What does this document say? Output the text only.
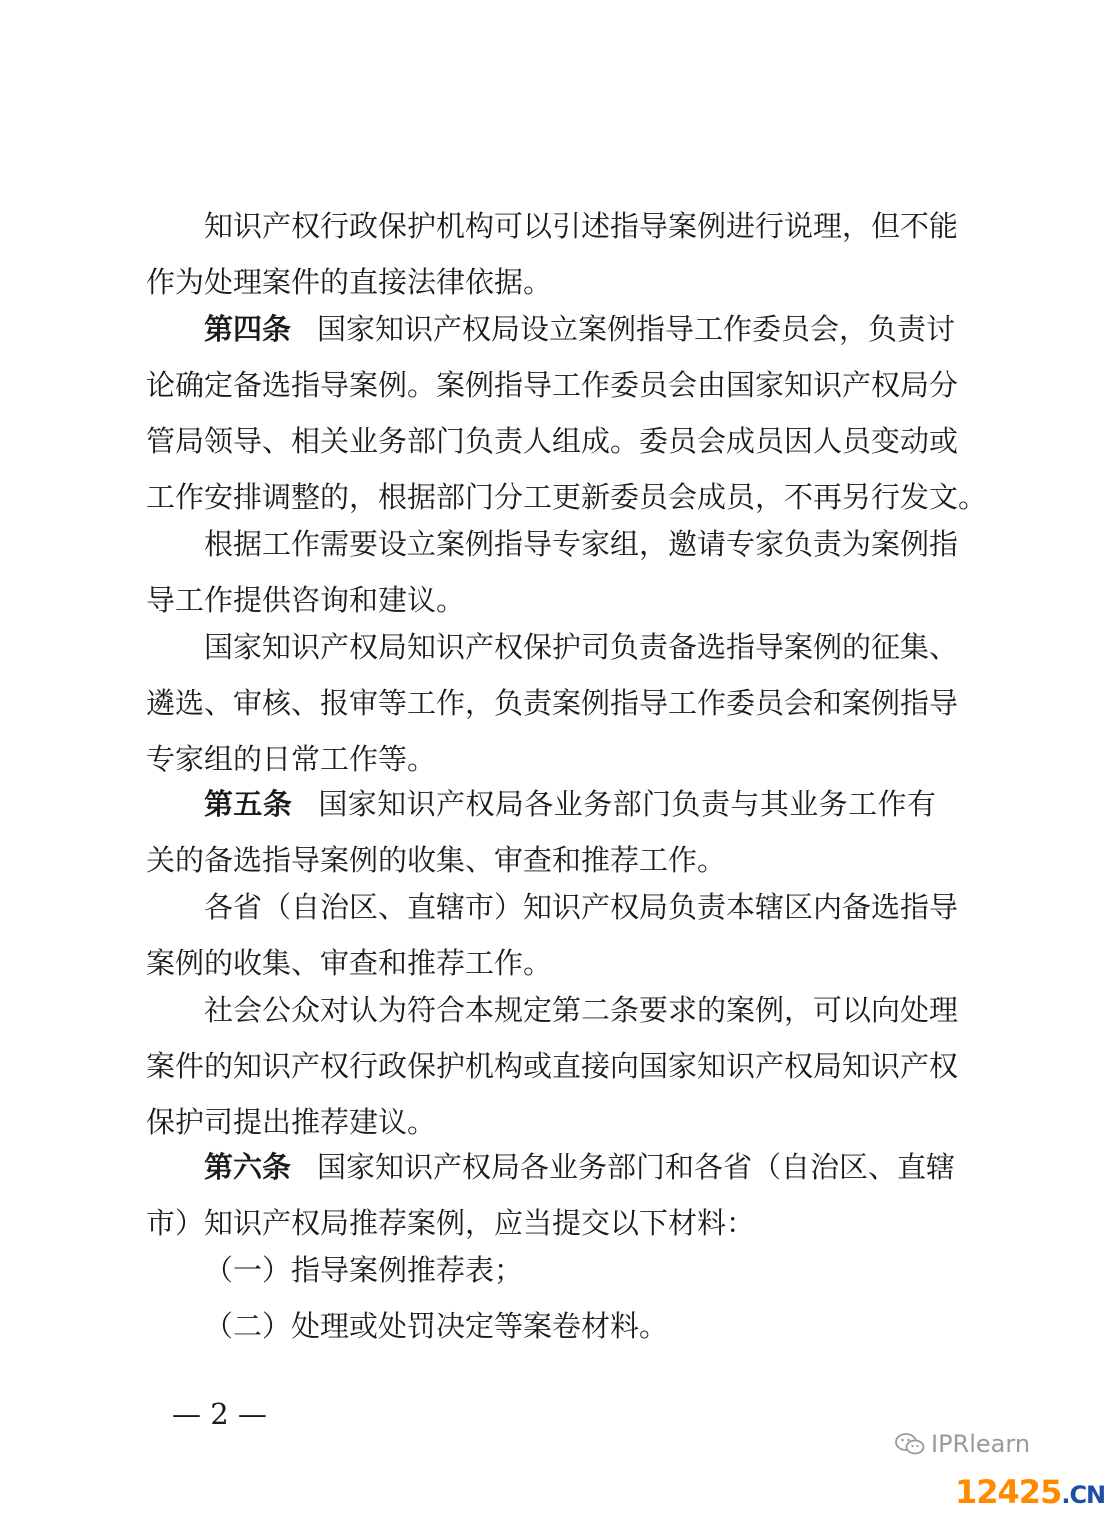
知识产权行政保护机构可以引述指导案例进行说理，但不能
作为处理案件的直接法律依据。
第四条 国家知识产权局设立案例指导工作委员会，负责讨
论确定备选指导案例。案例指导工作委员会由国家知识产权局分
管局领导、相关业务部门负责人组成。委员会成员因人员变动或
工作安排调整的，根据部门分工更新委员会成员，不再另行发文。
根据工作需要设立案例指导专家组，邀请专家负责为案例指
导工作提供咨询和建议。
国家知识产权局知识产权保护司负责备选指导案例的征集、
遴选、审核、报审等工作，负责案例指导工作委员会和案例指导
专家组的日常工作等。
第五条 国家知识产权局各业务部门负责与其业务工作有
关的备选指导案例的收集、审查和推荐工作。
各省（自治区、直辖市）知识产权局负责本辖区内备选指导
案例的收集、审查和推荐工作。
社会公众对认为符合本规定第二条要求的案例，可以向处理
案件的知识产权行政保护机构或直接向国家知识产权局知识产权
保护司提出推荐建议。
第六条 国家知识产权局各业务部门和各省（自治区、直辖
市）知识产权局推荐案例，应当提交以下材料：
（一）指导案例推荐表；
（二）处理或处罚决定等案卷材料。
— 2 —
IPRlearn
12425.CN
